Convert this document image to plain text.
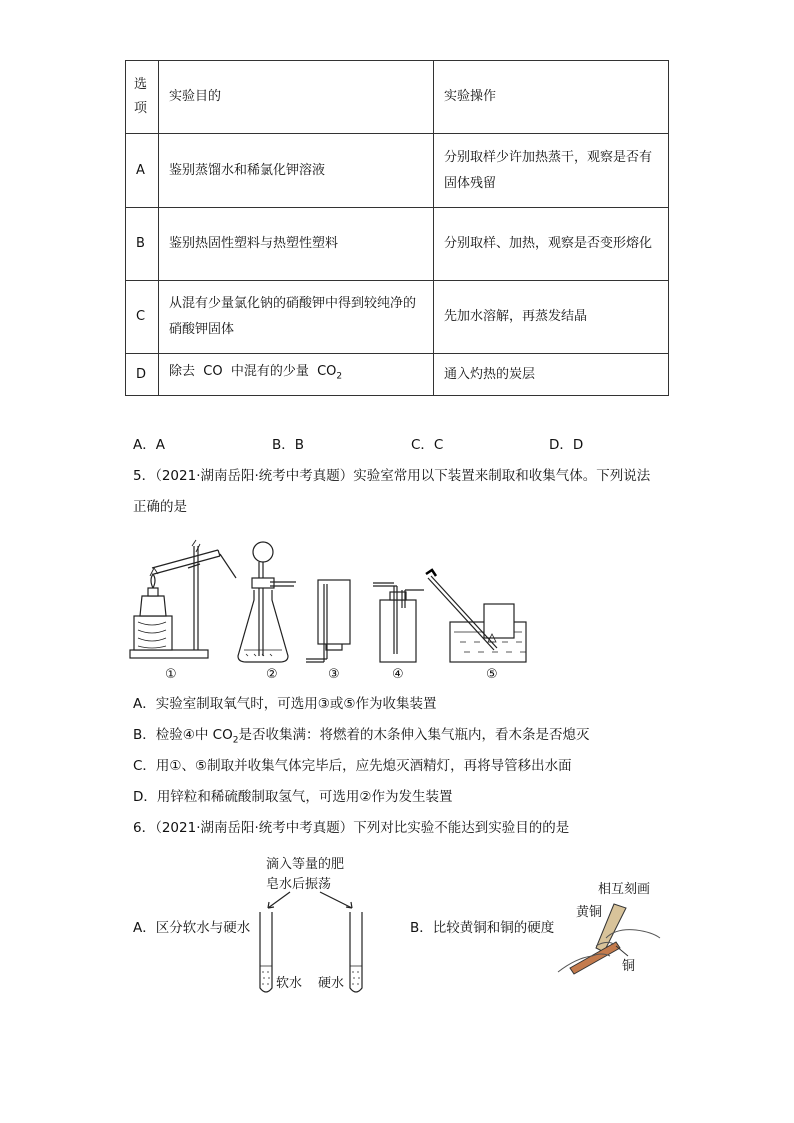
选
项	实验目的	实验操作
A	鉴别蒸馏水和稀氯化钾溶液	分别取样少许加热蒸干，观察是否有固体残留
B	鉴别热固性塑料与热塑性塑料	分别取样、加热，观察是否变形熔化
C	从混有少量氯化钠的硝酸钾中得到较纯净的硝酸钾固体	先加水溶解，再蒸发结晶
D	除去  CO  中混有的少量  $CO_2$	通入灼热的炭层
A．A	B．B	C．C	D．D
5．（2021·湖南岳阳·统考中考真题）实验室常用以下装置来制取和收集气体。下列说法
正确的是
①	②	③	④	⑤
A．实验室制取氧气时，可选用③或⑤作为收集装置
B．检验④中 $CO_2$是否收集满：将燃着的木条伸入集气瓶内，看木条是否熄灭
C．用①、⑤制取并收集气体完毕后，应先熄灭酒精灯，再将导管移出水面
D．用锌粒和稀硫酸制取氢气，可选用②作为发生装置
6．（2021·湖南岳阳·统考中考真题）下列对比实验不能达到实验目的的是
滴入等量的肥
皂水后振荡
A．区分软水与硬水
软水 硬水
B．比较黄铜和铜的硬度
相互刻画
黄铜
铜
